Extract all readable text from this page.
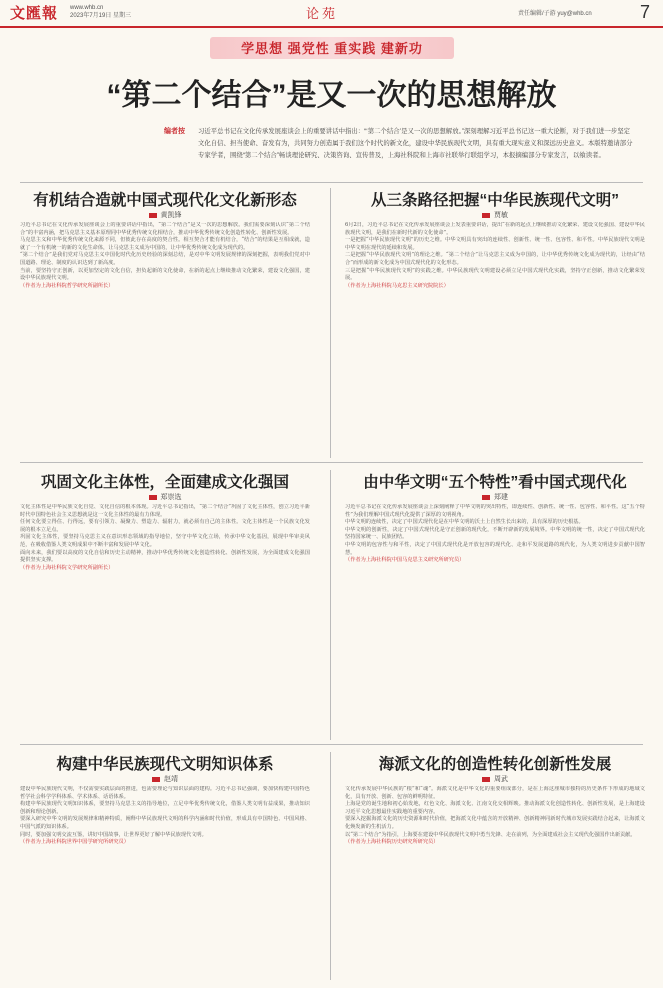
文匯報 www.whb.cn
2023年7月19日 星期三	论苑	责任编辑/子游 yuy@whb.cn	7
学思想 强党性 重实践 建新功
“第二个结合”是又一次的思想解放
编者按 习近平总书记在文化传承发展座谈会上的重要讲话中指出：“‘第二个结合’是又一次的思想解放。”深刻理解习近平总书记这一重大论断，对于我们进一步坚定文化自信、担当使命、奋发有为，共同努力创造属于我们这个时代的新文化，建设中华民族现代文明，具有重大现实意义和深远历史意义。本版特邀请部分专家学者，围绕“第二个结合”畅谈理论研究、决策咨询、宣传普及，上海社科院和上海市社联举行联组学习，本报摘编部分专家发言，以飨读者。
有机结合造就中国式现代化文化新形态
黄凯锋
习近平总书记在文化传承发展座谈会上的重要讲话中指出，“第二个结合”是又一次的思想解放。我们需要深刻认识“第二个结合”的丰富内涵，把马克思主义基本原理同中华优秀传统文化相结合，推动中华优秀传统文化创造性转化、创新性发展。
马克思主义和中华优秀传统文化来源不同，但彼此存在高度的契合性。相互契合才能有机结合，“结合”的结果是互相成就，造就了一个有机统一的新的文化生命体，让马克思主义成为中国的，让中华优秀传统文化成为现代的。
“第二个结合”是我们党对马克思主义中国化时代化历史经验的深刻总结，是对中华文明发展规律的深刻把握，表明我们党对中国道路、理论、制度的认识达到了新高度。
当前，要坚持守正创新，以更加坚定的文化自信，担负起新的文化使命，在新的起点上继续推动文化繁荣，建设文化强国，建设中华民族现代文明。
（作者为上海社科院哲学研究所副所长）
从三条路径把握“中华民族现代文明”
贾敏
6月2日，习近平总书记在文化传承发展座谈会上发表重要讲话，提出“在新的起点上继续推动文化繁荣、建设文化强国、建设中华民族现代文明，是我们在新时代新的文化使命”。
一是把握“中华民族现代文明”的历史之维。中华文明具有突出的连续性、创新性、统一性、包容性、和平性。中华民族现代文明是中华文明在现代的延续和发展。
二是把握“中华民族现代文明”的理论之维。“第二个结合”让马克思主义成为中国的，让中华优秀传统文化成为现代的，让经由“结合”而形成的新文化成为中国式现代化的文化形态。
三是把握“中华民族现代文明”的实践之维。中华民族现代文明建设必须立足中国式现代化实践，坚持守正创新，推动文化繁荣发展。
（作者为上海社科院马克思主义研究院院长）
巩固文化主体性，全面建成文化强国
郑崇选
文化主体性是中华民族文化自觉、文化自信的根本体现。习近平总书记指出，“第二个结合”巩固了文化主体性，创立习近平新时代中国特色社会主义思想就是这一文化主体性的最有力体现。
任何文化要立得住、行得远，要有引领力、凝聚力、塑造力、辐射力，就必须有自己的主体性。文化主体性是一个民族文化发展的根本立足点。
巩固文化主体性，要坚持马克思主义在意识形态领域的指导地位，坚守中华文化立场，传承中华文化基因，展现中华审美风范，在吸收借鉴人类文明成果中不断丰富和发展中华文化。
面向未来，我们要以高度的文化自信和历史主动精神，推动中华优秀传统文化创造性转化、创新性发展，为全面建成文化强国提供坚实支撑。
（作者为上海社科院文学研究所副所长）
由中华文明“五个特性”看中国式现代化
郑建
习近平总书记在文化传承发展座谈会上深刻阐释了中华文明的突出特性，即连续性、创新性、统一性、包容性、和平性。这“五个特性”为我们理解中国式现代化提供了深厚的文明视角。
中华文明的连续性，决定了中国式现代化是在中华文明的沃土上自然生长出来的，具有深厚的历史根基。
中华文明的创新性，决定了中国式现代化是守正创新的现代化，不断开辟新的发展境界。中华文明的统一性，决定了中国式现代化坚持国家统一、民族团结。
中华文明的包容性与和平性，决定了中国式现代化是开放包容的现代化、走和平发展道路的现代化，为人类文明进步贡献中国智慧。
（作者为上海社科院中国马克思主义研究所研究员）
构建中华民族现代文明知识体系
赵靖
建设中华民族现代文明，不仅需要实践层面的推进，也需要理论与知识层面的建构。习近平总书记强调，要加快构建中国特色哲学社会科学学科体系、学术体系、话语体系。
构建中华民族现代文明知识体系，要坚持马克思主义的指导地位，立足中华优秀传统文化，借鉴人类文明有益成果，推动知识创新和理论创新。
要深入研究中华文明的发展规律和精神特质，阐释中华民族现代文明的科学内涵和时代价值，形成具有中国特色、中国风格、中国气派的知识体系。
同时，要加强文明交流互鉴，讲好中国故事，让世界更好了解中华民族现代文明。
（作者为上海社科院世界中国学研究所研究员）
海派文化的创造性转化创新性发展
周武
文化传承发展中华民族的“根”和“魂”。海派文化是中华文化的重要组成部分，是在上海这座城市独特的历史条件下形成的地域文化，具有开放、创新、包容的鲜明特征。
上海是党的诞生地和初心始发地，红色文化、海派文化、江南文化交相辉映。推动海派文化创造性转化、创新性发展，是上海建设习近平文化思想最佳实践地的重要内容。
要深入挖掘海派文化的历史资源和时代价值，把海派文化中蕴含的开放精神、创新精神同新时代城市发展实践结合起来，让海派文化焕发新的生机活力。
以“第二个结合”为指引，上海要在建设中华民族现代文明中勇当先锋、走在前列，为全面建成社会主义现代化强国作出新贡献。
（作者为上海社科院历史研究所研究员）
